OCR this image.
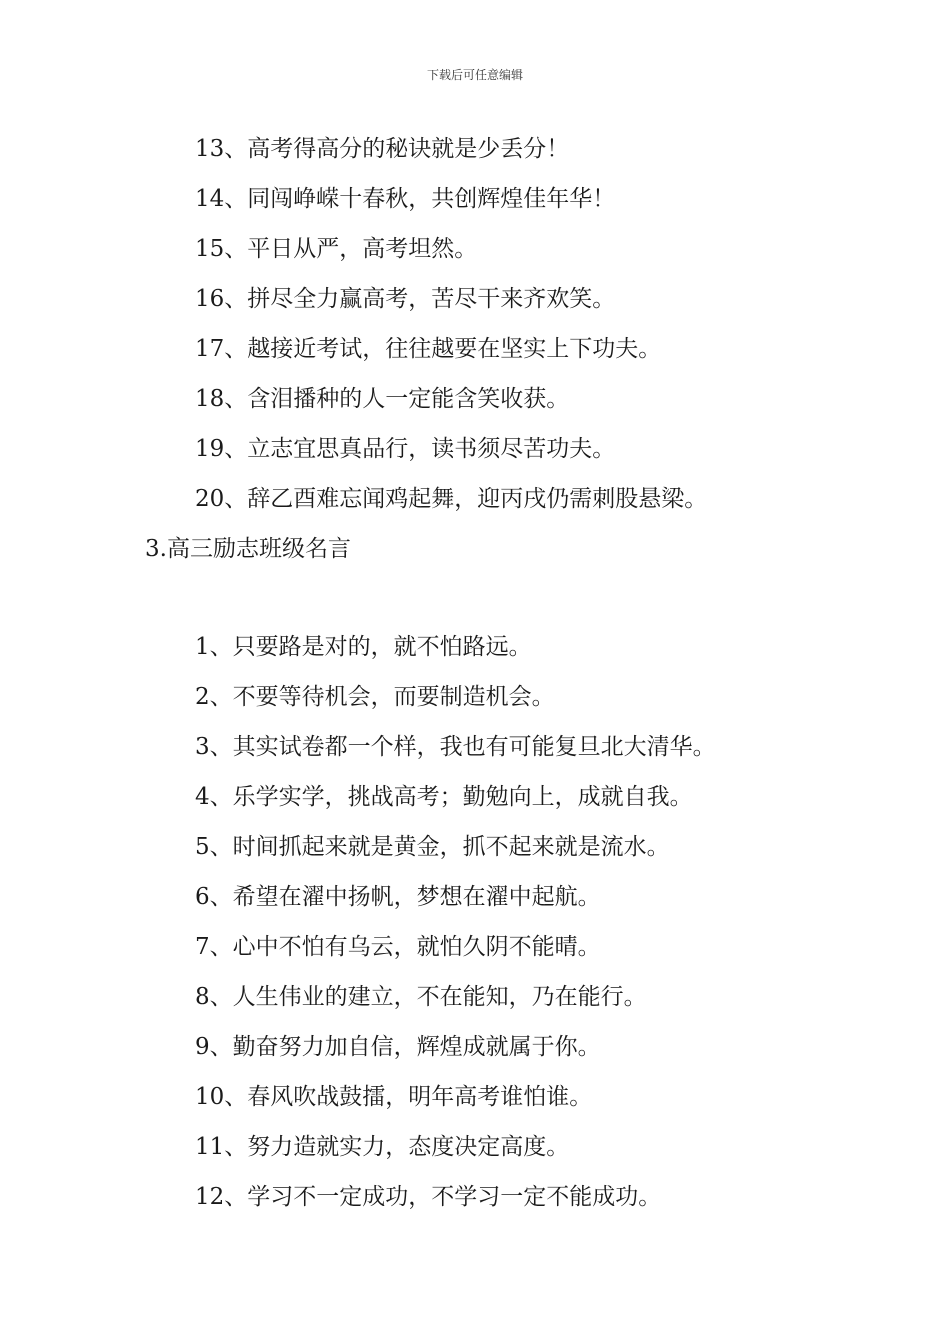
下载后可任意编辑
13、高考得高分的秘诀就是少丢分！
14、同闯峥嵘十春秋，共创辉煌佳年华！
15、平日从严，高考坦然。
16、拼尽全力赢高考，苦尽干来齐欢笑。
17、越接近考试，往往越要在坚实上下功夫。
18、含泪播种的人一定能含笑收获。
19、立志宜思真品行，读书须尽苦功夫。
20、辞乙酉难忘闻鸡起舞，迎丙戌仍需刺股悬梁。
3.高三励志班级名言
1、只要路是对的，就不怕路远。
2、不要等待机会，而要制造机会。
3、其实试卷都一个样，我也有可能复旦北大清华。
4、乐学实学，挑战高考；勤勉向上，成就自我。
5、时间抓起来就是黄金，抓不起来就是流水。
6、希望在濯中扬帆，梦想在濯中起航。
7、心中不怕有乌云，就怕久阴不能晴。
8、人生伟业的建立，不在能知，乃在能行。
9、勤奋努力加自信，辉煌成就属于你。
10、春风吹战鼓擂，明年高考谁怕谁。
11、努力造就实力，态度决定高度。
12、学习不一定成功，不学习一定不能成功。
